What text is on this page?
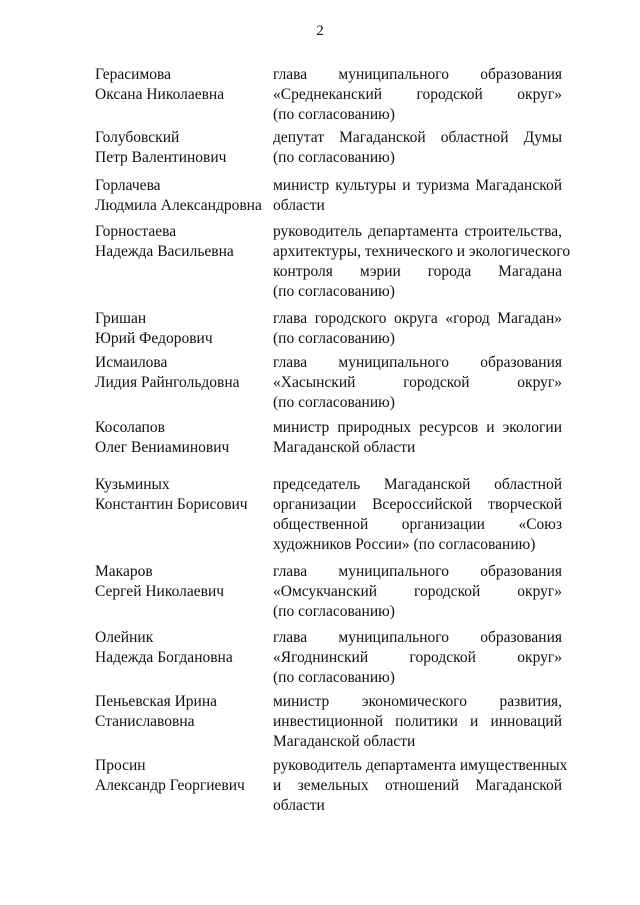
2
Герасимова
Оксана Николаевна
глава муниципального образования
«Среднеканский городской округ»
(по согласованию)
Голубовский
Петр Валентинович
депутат Магаданской областной Думы
(по согласованию)
Горлачева
Людмила Александровна
министр культуры и туризма Магаданской
области
Горностаева
Надежда Васильевна
руководитель департамента строительства,
архитектуры, технического и экологического
контроля мэрии города Магадана
(по согласованию)
Гришан
Юрий Федорович
глава городского округа «город Магадан»
(по согласованию)
Исмаилова
Лидия Райнгольдовна
глава муниципального образования
«Хасынский городской округ»
(по согласованию)
Косолапов
Олег Вениаминович
министр природных ресурсов и экологии
Магаданской области
Кузьминых
Константин Борисович
председатель Магаданской областной
организации Всероссийской творческой
общественной организации «Союз
художников России» (по согласованию)
Макаров
Сергей Николаевич
глава муниципального образования
«Омсукчанский городской округ»
(по согласованию)
Олейник
Надежда Богдановна
глава муниципального образования
«Ягоднинский городской округ»
(по согласованию)
Пеньевская Ирина
Станиславовна
министр экономического развития,
инвестиционной политики и инноваций
Магаданской области
Просин
Александр Георгиевич
руководитель департамента имущественных
и земельных отношений Магаданской
области
